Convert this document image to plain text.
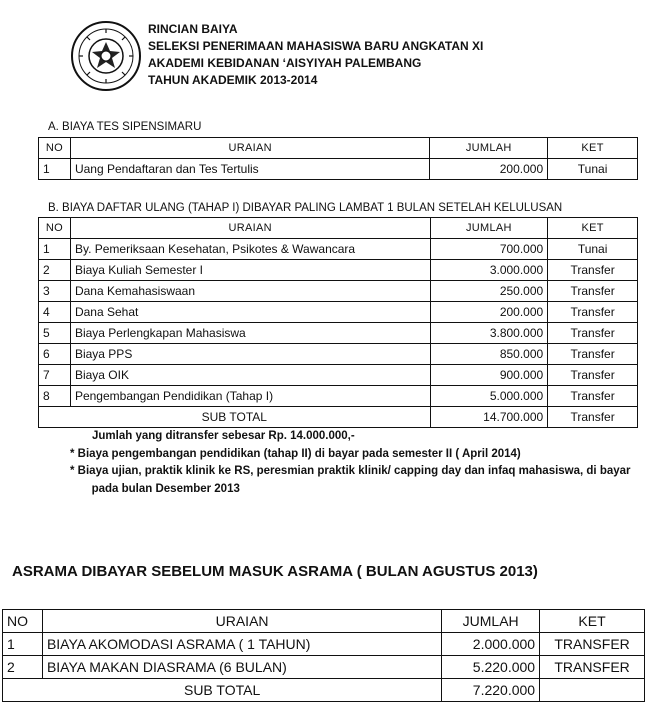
RINCIAN BAIYA
SELEKSI PENERIMAAN MAHASISWA BARU ANGKATAN XI
AKADEMI KEBIDANAN ‘AISYIYAH PALEMBANG
TAHUN AKADEMIK 2013-2014
A. BIAYA TES SIPENSIMARU
NO	URAIAN	JUMLAH	KET
1	Uang Pendaftaran dan Tes Tertulis	200.000	Tunai
B. BIAYA DAFTAR ULANG (TAHAP I) DIBAYAR PALING LAMBAT 1 BULAN SETELAH KELULUSAN
NO	URAIAN	JUMLAH	KET
1	By. Pemeriksaan Kesehatan, Psikotes & Wawancara	700.000	Tunai
2	Biaya Kuliah Semester I	3.000.000	Transfer
3	Dana Kemahasiswaan	250.000	Transfer
4	Dana Sehat	200.000	Transfer
5	Biaya Perlengkapan Mahasiswa	3.800.000	Transfer
6	Biaya PPS	850.000	Transfer
7	Biaya OIK	900.000	Transfer
8	Pengembangan Pendidikan (Tahap I)	5.000.000	Transfer
SUB TOTAL		14.700.000	Transfer
Jumlah yang ditransfer sebesar Rp. 14.000.000,-
* Biaya pengembangan pendidikan (tahap II) di bayar pada semester II ( April 2014)
* Biaya ujian, praktik klinik ke RS, peresmian praktik klinik/ capping day dan infaq mahasiswa, di bayar
pada bulan Desember 2013
ASRAMA DIBAYAR SEBELUM MASUK ASRAMA ( BULAN AGUSTUS 2013)
NO	URAIAN	JUMLAH	KET
1	BIAYA AKOMODASI ASRAMA ( 1 TAHUN)	2.000.000	TRANSFER
2	BIAYA MAKAN DIASRAMA (6 BULAN)	5.220.000	TRANSFER
SUB TOTAL		7.220.000	
